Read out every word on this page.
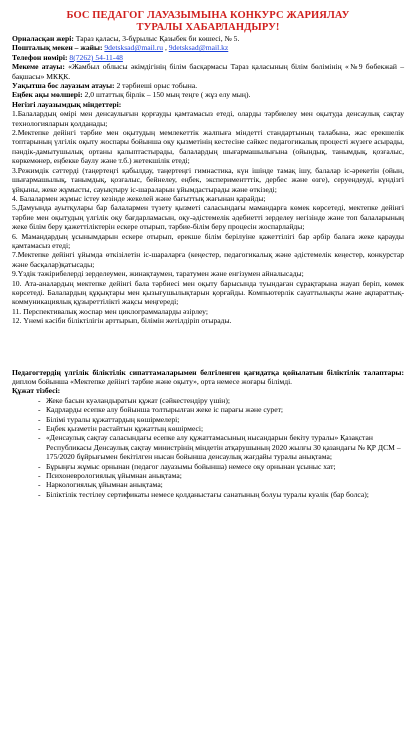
БОС ПЕДАГОГ ЛАУАЗЫМЫНА КОНКУРС ЖАРИЯЛАУ
ТУРАЛЫ ХАБАРЛАНДЫРУ!

Орналасқан жері: Тараз қаласы, 3-бұрылыс Қазыбек би көшесі, № 5.

Пошталық мекен – жайы: 9detsksad@mail.ru , 9detsksad@mail.kz

Телефон нөмірі: 8(7262) 54-11-48

Мекеме атауы: «Жамбыл облысы әкімдігінің білім басқармасы Тараз қаласының білім бөлімінің «№9 бөбекжай – бақшасы» МКҚК.

Уақытша бос лауазым атауы: 2 тәрбиеші орыс тобына.

Еңбек ақы мөлшері: 2,0 штаттық бірлік – 150 мың теңге ( жұз елу мың).

Негізгі лауазымдық міндеттері:

1.Балалардың өмірі мен денсаулығын қорғауды қамтамасыз етеді, оларды тәрбиелеу мен оқытуда денсаулық сақтау технологияларын қолданады;

2.Мектепке дейінгі тәрбие мен оқытудың мемлекеттік жалпыға міндетті стандартының талабына, жас ерекшелік топтарының үлгілік оқыту жоспары бойынша оқу қызметінің кестесіне сәйкес педагогикалық процесті жүзеге асырады, пәндік-дамытушылық ортаны қалыптастырады, балалардың шығармашылығына (ойындық, танымдық, қозғалыс, көркемөнер, еңбекке баулу және т.б.) жетекшілік етеді;

3.Режимдік сәттерді (таңертеңгі қабылдау, таңертеңгі гимнастика, күн ішінде тамақ ішу, балалар іс-әрекетін (ойын, шығармашылық, танымдық, қозғалыс, бейнелеу, еңбек, экспериментттік, дербес және өзге), серуендеуді, күндізгі ұйқыны, жеке жұмысты, сауықтыру іс-шараларын ұйымдастырады және өткізеді;

4. Балалармен жұмыс істеу кезінде жекелей және бағыттық жағынан қарайды;

5.Дамуында ауытқулары бар балалармен түзету қызметі саласындағы мамандарға көмек көрсетеді, мектепке дейінгі тәрбие мен оқытудың үлгілік оқу бағдарламасын, оқу-әдістемелік әдебиетті зерделеу негізінде және топ балаларының жеке білім беру қажеттіліктерін ескере отырып, тәрбие-білім беру процесін жоспарлайды;

6. Мамандардың ұсынымдарын ескере отырып, ерекше білім берілуіне қажеттілігі бар әрбір балаға жеке қарауды қамтамасыз етеді;

7.Мектепке дейінгі ұйымда өткізілетін іс-шараларға (кеңестер, педагогикалық және әдістемелік кеңестер, конкурстар және басқалар)қатысады;

9.Үздік тәжірибелерді зерделеумен, жинақтаумен, таратумен және енгізумен айналысады;

10. Ата-аналардың мектепке дейінгі бала тәрбиесі мен оқыту барысында туындаған сұрақтарына жауап беріп, көмек көрсетеді. Балалардың құқықтары мен қызығушылықтарын қорғайды. Компьютерлік сауаттылықты және ақпараттық-коммуникациялық құзыреттілікті жақсы меңгереді;

11. Перспективалық жоспар мен циклограммаларды әзірлеу;

12. Үнемі кәсіби біліктілігін арттырып, білімін жетілдіріп отырады.

Педагогтердің үлгілік біліктілік сипаттамаларымен белгіленген қағидатқа қойылатын біліктілік талаптары: диплом бойынша «Мектепке дейінгі тәрбие және оқыту», орта немесе жоғары білімді.

Құжат тізбесі:

- Жеке басын куәландыратын құжат (сәйкестендіру үшін);
- Кадрларды есепке алу бойынша толтырылған жеке іс парағы және сурет;
- Білімі туралы құжаттардың көшірмелері;
- Еңбек қызметін растайтын құжаттың көшірмесі;
- «Денсаулық сақтау саласындағы есепке алу құжаттамасының нысандарын бекіту туралы» Қазақстан Республикасы Денсаулық сақтау министрінің міндетін атқарушының 2020 жылғы 30 қазандағы № ҚР ДСМ – 175/2020 бұйрығымен бекітілген нысан бойынша денсаулық жағдайы туралы анықтама;
- Бұрыңғы жұмыс орнынан (педагог лауазымы бойынша) немесе оқу орнынан ұсыныс хат;
- Психоневрологиялық ұйымнан анықтама;
- Наркологиялық ұйымнан анықтама;
- Біліктілік тестілеу сертификаты немесе қолданыстағы санатының болуы туралы куәлік (бар болса);
